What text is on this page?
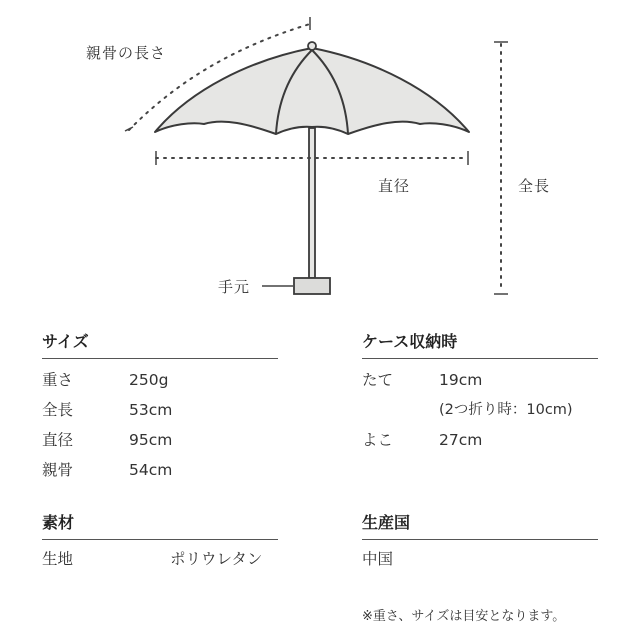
親骨の長さ
直径	全長
手元
サイズ
重さ	250g
全長	53cm
直径	95cm
親骨	54cm
ケース収納時
たて	19cm
(2つ折り時：10cm)
よこ	27cm
素材
生地	ポリウレタン
生産国
中国
※重さ、サイズは目安となります。
